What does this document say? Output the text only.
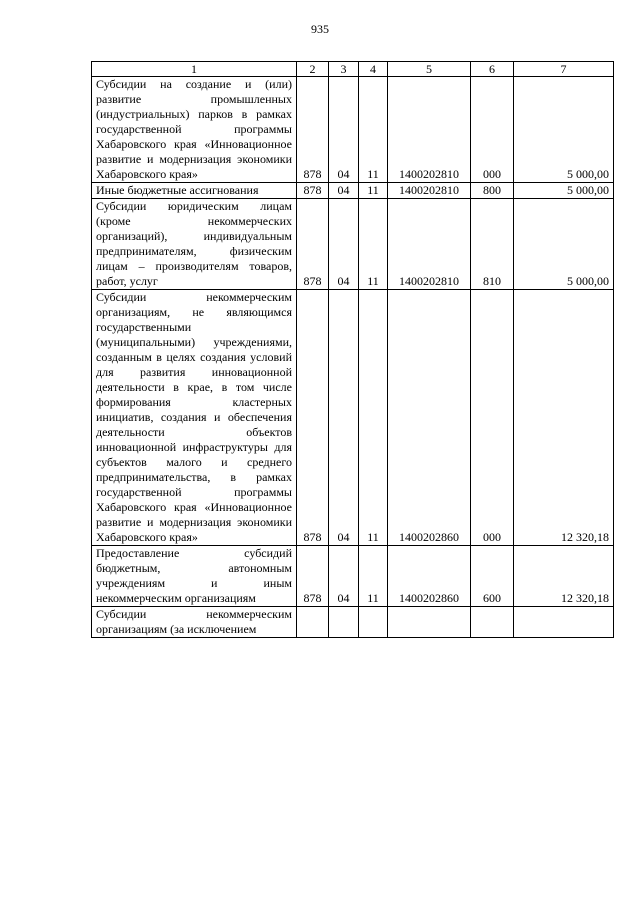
935
1	2	3	4	5	6	7
Субсидии на создание и (или) развитие промышленных (индустриальных) парков в рамках государственной программы Хабаровского края «Инновационное развитие и модернизация экономики Хабаровского края»	878	04	11	1400202810	000	5 000,00
Иные бюджетные ассигнования	878	04	11	1400202810	800	5 000,00
Субсидии юридическим лицам (кроме некоммерческих организаций), индивидуальным предпринимателям, физическим лицам – производителям товаров, работ, услуг	878	04	11	1400202810	810	5 000,00
Субсидии некоммерческим организациям, не являющимся государственными (муниципальными) учреждениями, созданным в целях создания условий для развития инновационной деятельности в крае, в том числе формирования кластерных инициатив, создания и обеспечения деятельности объектов инновационной инфраструктуры для субъектов малого и среднего предпринимательства, в рамках государственной программы Хабаровского края «Инновационное развитие и модернизация экономики Хабаровского края»	878	04	11	1400202860	000	12 320,18
Предоставление субсидий бюджетным, автономным учреждениям и иным некоммерческим организациям	878	04	11	1400202860	600	12 320,18
Субсидии некоммерческим организациям (за исключением						
